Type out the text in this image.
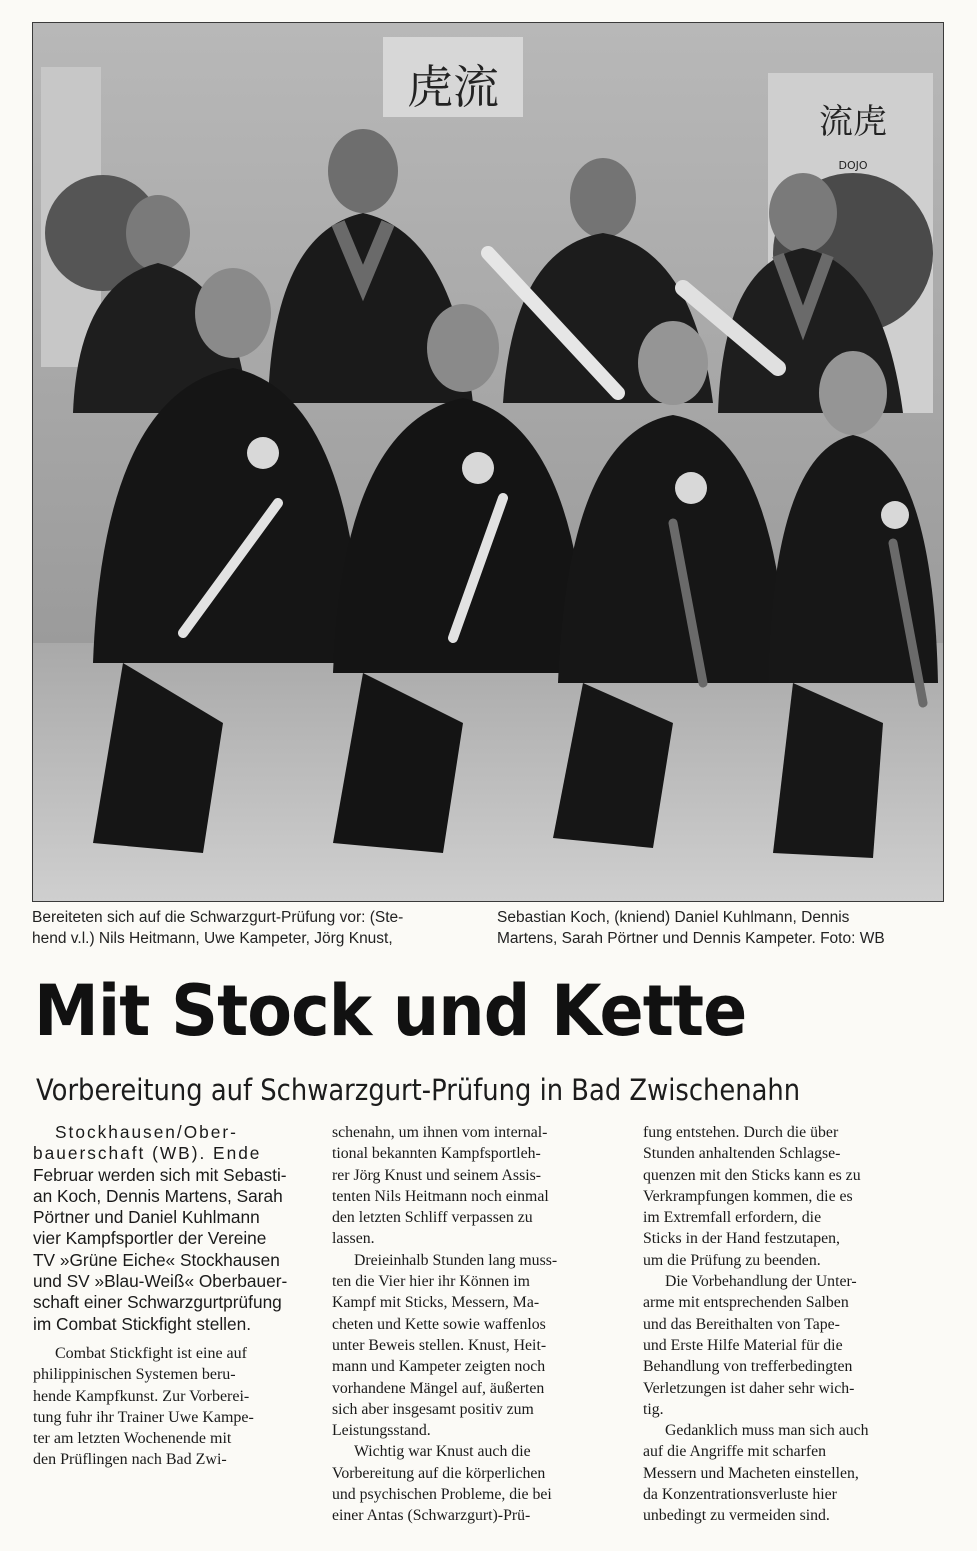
虎流
流虎
DOJO
Bereiteten sich auf die Schwarzgurt-Prüfung vor: (Ste-
hend v.l.) Nils Heitmann, Uwe Kampeter, Jörg Knust,
Sebastian Koch, (kniend) Daniel Kuhlmann, Dennis
Martens, Sarah Pörtner und Dennis Kampeter. Foto: WB
Mit Stock und Kette
Vorbereitung auf Schwarzgurt-Prüfung in Bad Zwischenahn
Stockhausen/Ober-
bauerschaft (WB). Ende
Februar werden sich mit Sebasti-
an Koch, Dennis Martens, Sarah
Pörtner und Daniel Kuhlmann
vier Kampfsportler der Vereine
TV »Grüne Eiche« Stockhausen
und SV »Blau-Weiß« Oberbauer-
schaft einer Schwarzgurtprüfung
im Combat Stickfight stellen.
Combat Stickfight ist eine auf
philippinischen Systemen beru-
hende Kampfkunst. Zur Vorberei-
tung fuhr ihr Trainer Uwe Kampe-
ter am letzten Wochenende mit
den Prüflingen nach Bad Zwi-
schenahn, um ihnen vom internal-
tional bekannten Kampfsportleh-
rer Jörg Knust und seinem Assis-
tenten Nils Heitmann noch einmal
den letzten Schliff verpassen zu
lassen.
Dreieinhalb Stunden lang muss-
ten die Vier hier ihr Können im
Kampf mit Sticks, Messern, Ma-
cheten und Kette sowie waffenlos
unter Beweis stellen. Knust, Heit-
mann und Kampeter zeigten noch
vorhandene Mängel auf, äußerten
sich aber insgesamt positiv zum
Leistungsstand.
Wichtig war Knust auch die
Vorbereitung auf die körperlichen
und psychischen Probleme, die bei
einer Antas (Schwarzgurt)-Prü-
fung entstehen. Durch die über
Stunden anhaltenden Schlagse-
quenzen mit den Sticks kann es zu
Verkrampfungen kommen, die es
im Extremfall erfordern, die
Sticks in der Hand festzutapen,
um die Prüfung zu beenden.
Die Vorbehandlung der Unter-
arme mit entsprechenden Salben
und das Bereithalten von Tape-
und Erste Hilfe Material für die
Behandlung von trefferbedingten
Verletzungen ist daher sehr wich-
tig.
Gedanklich muss man sich auch
auf die Angriffe mit scharfen
Messern und Macheten einstellen,
da Konzentrationsverluste hier
unbedingt zu vermeiden sind.
